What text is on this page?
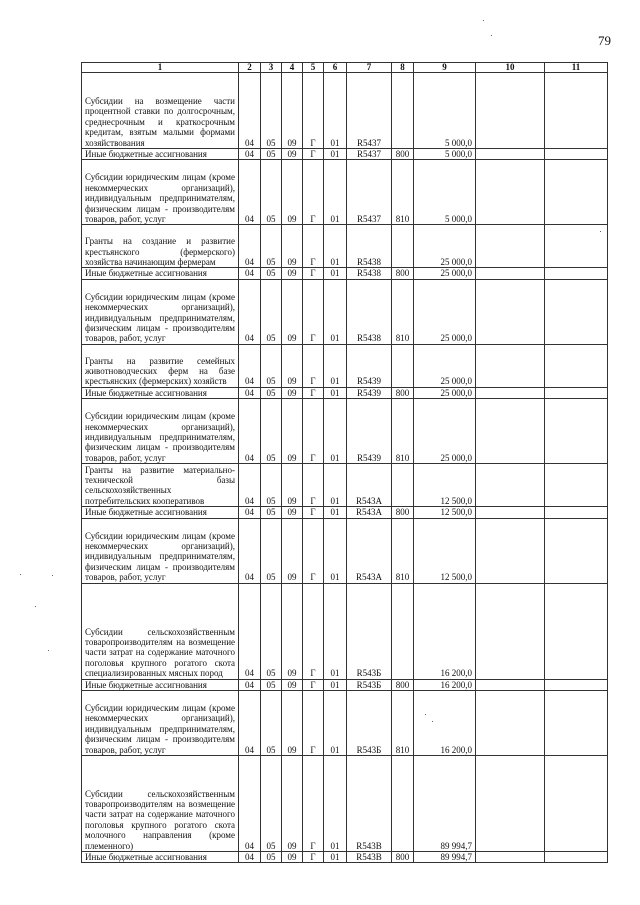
79
1	2	3	4	5	6	7	8	9	10	11
Субсидии на возмещение части процентной ставки по долгосрочным, среднесрочным и краткосрочным кредитам, взятым малыми формами хозяйствования	04	05	09	Г	01	R5437		5 000,0		
Иные бюджетные ассигнования	04	05	09	Г	01	R5437	800	5 000,0		
Субсидии юридическим лицам (кроме некоммерческих организаций), индивидуальным предпринимателям, физическим лицам - производителям товаров, работ, услуг	04	05	09	Г	01	R5437	810	5 000,0		
Гранты на создание и развитие крестьянского (фермерского) хозяйства начинающим фермерам	04	05	09	Г	01	R5438		25 000,0		
Иные бюджетные ассигнования	04	05	09	Г	01	R5438	800	25 000,0		
Субсидии юридическим лицам (кроме некоммерческих организаций), индивидуальным предпринимателям, физическим лицам - производителям товаров, работ, услуг	04	05	09	Г	01	R5438	810	25 000,0		
Гранты на развитие семейных животноводческих ферм на базе крестьянских (фермерских) хозяйств	04	05	09	Г	01	R5439		25 000,0		
Иные бюджетные ассигнования	04	05	09	Г	01	R5439	800	25 000,0		
Субсидии юридическим лицам (кроме некоммерческих организаций), индивидуальным предпринимателям, физическим лицам - производителям товаров, работ, услуг	04	05	09	Г	01	R5439	810	25 000,0		
Гранты на развитие материально-технической базы сельскохозяйственных потребительских кооперативов	04	05	09	Г	01	R543A		12 500,0		
Иные бюджетные ассигнования	04	05	09	Г	01	R543A	800	12 500,0		
Субсидии юридическим лицам (кроме некоммерческих организаций), индивидуальным предпринимателям, физическим лицам - производителям товаров, работ, услуг	04	05	09	Г	01	R543A	810	12 500,0		
Субсидии сельскохозяйственным товаропроизводителям на возмещение части затрат на содержание маточного поголовья крупного рогатого скота специализированных мясных пород	04	05	09	Г	01	R543Б		16 200,0		
Иные бюджетные ассигнования	04	05	09	Г	01	R543Б	800	16 200,0		
Субсидии юридическим лицам (кроме некоммерческих организаций), индивидуальным предпринимателям, физическим лицам - производителям товаров, работ, услуг	04	05	09	Г	01	R543Б	810	16 200,0		
Субсидии сельскохозяйственным товаропроизводителям на возмещение части затрат на содержание маточного поголовья крупного рогатого скота молочного направления (кроме племенного)	04	05	09	Г	01	R543В		89 994,7		
Иные бюджетные ассигнования	04	05	09	Г	01	R543В	800	89 994,7		
